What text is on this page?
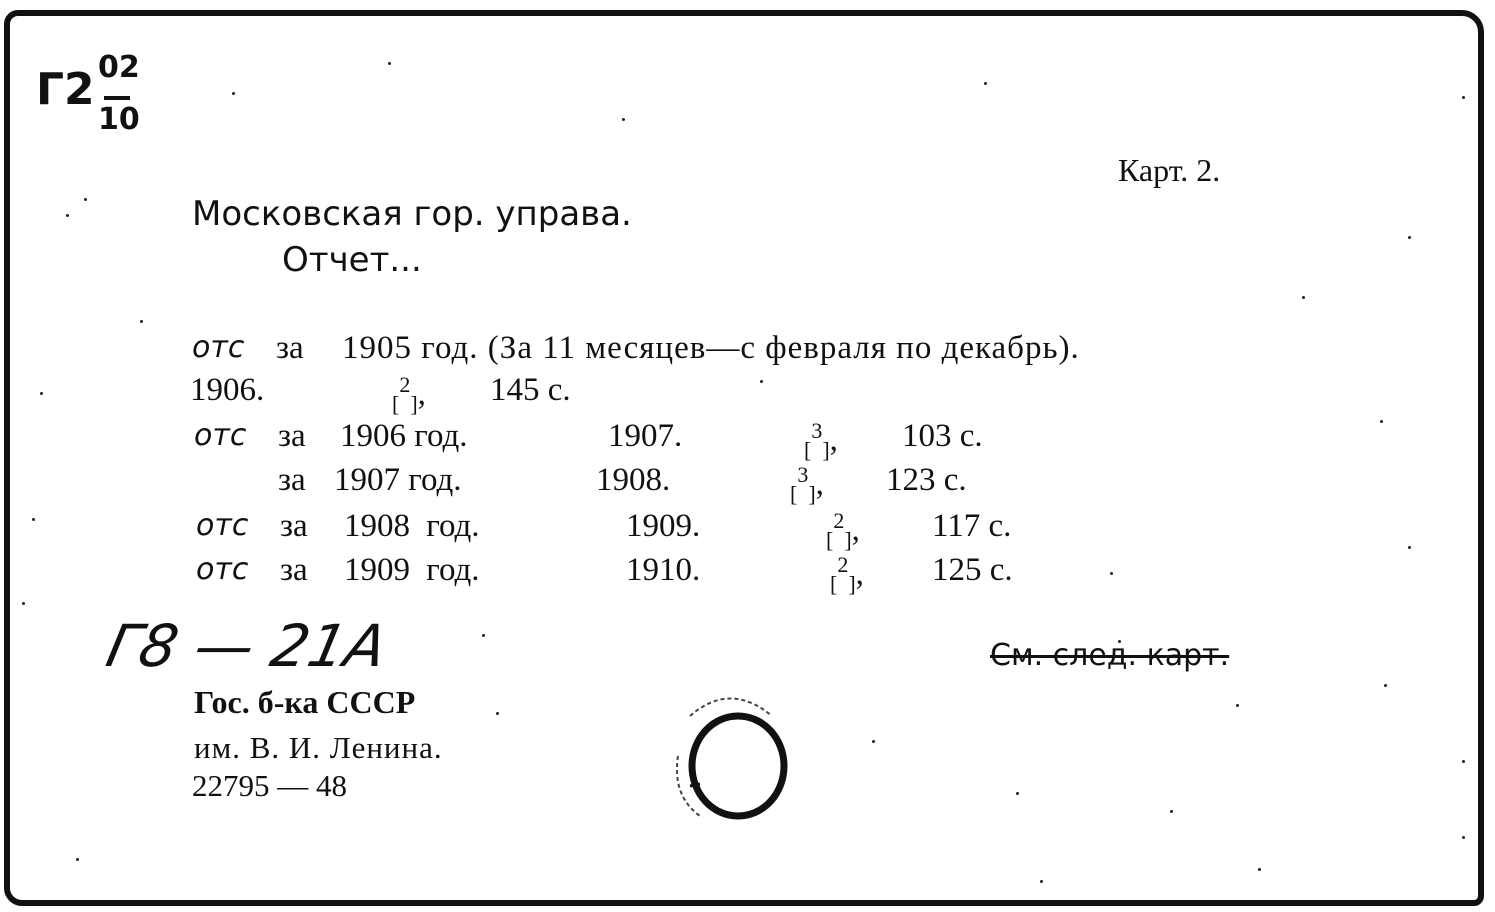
Г2 02
10
Карт. 2.
Московская гор. управа.
Отчет...
отс за 1905 год. (За 11 месяцев—с февраля по декабрь).
1906.	$_[^2_]$, 145 с.
отс за 1906 год.	1907.	$_[^3_]$, 103 с.
за 1907 год.	1908.	$_[^3_]$, 123 с.
отс за 1908 год.	1909.	$_[^2_]$, 117 с.
отс за 1909 год.	1910.	$_[^2_]$, 125 с.
Г8 — 21А	См. след. карт.
Гос. б-ка СССР
им. В. И. Ленина.
22795 — 48
